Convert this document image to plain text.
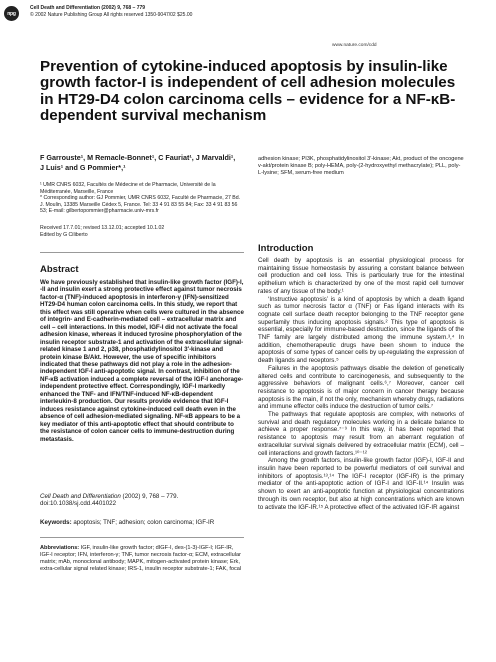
npg
Cell Death and Differentiation (2002) 9, 768 – 779
© 2002 Nature Publishing Group All rights reserved 1350-9047/02 $25.00
www.nature.com/cdd
Prevention of cytokine-induced apoptosis by insulin-like growth factor-I is independent of cell adhesion molecules in HT29-D4 colon carcinoma cells – evidence for a NF-κB-dependent survival mechanism
F Garrouste¹, M Remacle-Bonnet¹, C Fauriat¹, J Marvaldi¹,
J Luis¹ and G Pommier*,¹
¹ UMR CNRS 6032, Facultés de Médecine et de Pharmacie, Université de la Méditerranée, Marseille, France
* Corresponding author: GJ Pommier, UMR CNRS 6032, Faculté de Pharmacie, 27 Bd. J. Moulin, 13385 Marseille Cédex 5, France. Tel: 33 4 91 83 55 84; Fax: 33 4 91 83 56 53; E-mail: gilbertopommier@pharmacie.univ-mrs.fr
Received 17.7.01; revised 13.12.01; accepted 10.1.02
Edited by G Ciliberto
Abstract

We have previously established that insulin-like growth factor (IGF)-I, -II and insulin exert a strong protective effect against tumor necrosis factor-α (TNF)-induced apoptosis in interferon-γ (IFN)-sensitized HT29-D4 human colon carcinoma cells. In this study, we report that this effect was still operative when cells were cultured in the absence of integrin- and E-cadherin-mediated cell – extracellular matrix and cell – cell interactions. In this model, IGF-I did not activate the focal adhesion kinase, whereas it induced tyrosine phosphorylation of the insulin receptor substrate-1 and activation of the extracellular signal-related kinase 1 and 2, p38, phosphatidylinositol 3′-kinase and protein kinase B/Akt. However, the use of specific inhibitors indicated that these pathways did not play a role in the adhesion-independent IGF-I anti-apoptotic signal. In contrast, inhibition of the NF-κB activation induced a complete reversal of the IGF-I anchorage-independent protective effect. Correspondingly, IGF-I markedly enhanced the TNF- and IFN/TNF-induced NF-κB-dependent interleukin-8 production. Our results provide evidence that IGF-I induces resistance against cytokine-induced cell death even in the absence of cell adhesion-mediated signaling. NF-κB appears to be a key mediator of this anti-apoptotic effect that should contribute to the resistance of colon cancer cells to immune-destruction during metastasis.

Cell Death and Differentiation (2002) 9, 768 – 779. doi:10.1038/sj.cdd.4401022

Keywords: apoptosis; TNF; adhesion; colon carcinoma; IGF-IR

Abbreviations: IGF, insulin-like growth factor; dIGF-I, des-(1-3)-IGF-I; IGF-IR, IGF-I receptor; IFN, interferon-γ; TNF, tumor necrosis factor-α; ECM, extracellular matrix; mAb, monoclonal antibody; MAPK, mitogen-activated protein kinase; Erk, extra-cellular signal related kinase; IRS-1, insulin receptor substrate-1; FAK, focal

adhesion kinase; PI3K, phosphatidylinositol 3′-kinase; Akt, product of the oncogene v-akt/protein kinase B; poly-HEMA, poly-(2-hydroxyethyl methacrylate); PLL, poly-L-lysine; SFM, serum-free medium

Introduction

Cell death by apoptosis is an essential physiological process for maintaining tissue homeostasis by assuring a constant balance between cell production and cell loss. This is particularly true for the intestinal epithelium which is characterized by one of the most rapid cell turnover rates of any tissue of the body.¹

‘Instructive apoptosis’ is a kind of apoptosis by which a death ligand such as tumor necrosis factor α (TNF) or Fas ligand interacts with its cognate cell surface death receptor belonging to the TNF receptor gene superfamily thus inducing apoptosis signals.² This type of apoptosis is essential, especially for immune-based destruction, since the ligands of the TNF family are largely distributed among the immune system.³,⁴ In addition, chemotherapeutic drugs have been shown to induce the apoptosis of some types of cancer cells by up-regulating the expression of death ligands and receptors.⁵

Failures in the apoptosis pathways disable the deletion of genetically altered cells and contribute to carcinogenesis, and subsequently to the aggressive behaviors of malignant cells.⁶,⁷ Moreover, cancer cell resistance to apoptosis is of major concern in cancer therapy because apoptosis is the main, if not the only, mechanism whereby drugs, radiations and immune effector cells induce the destruction of tumor cells.⁷

The pathways that regulate apoptosis are complex, with networks of survival and death regulatory molecules working in a delicate balance to achieve a proper response.⁷⁻⁹ In this way, it has been reported that resistance to apoptosis may result from an aberrant regulation of extracellular survival signals delivered by extracellular matrix (ECM), cell – cell interactions and growth factors.¹⁰⁻¹²

Among the growth factors, insulin-like growth factor (IGF)-I, IGF-II and insulin have been reported to be powerful mediators of cell survival and inhibitors of apoptosis.¹³,¹⁴ The IGF-I receptor (IGF-IR) is the primary mediator of the anti-apoptotic action of IGF-I and IGF-II.¹⁴ Insulin was shown to exert an anti-apoptotic function at physiological concentrations through its own receptor, but also at high concentrations which are known to activate the IGF-IR.¹⁵ A protective effect of the activated IGF-IR against
